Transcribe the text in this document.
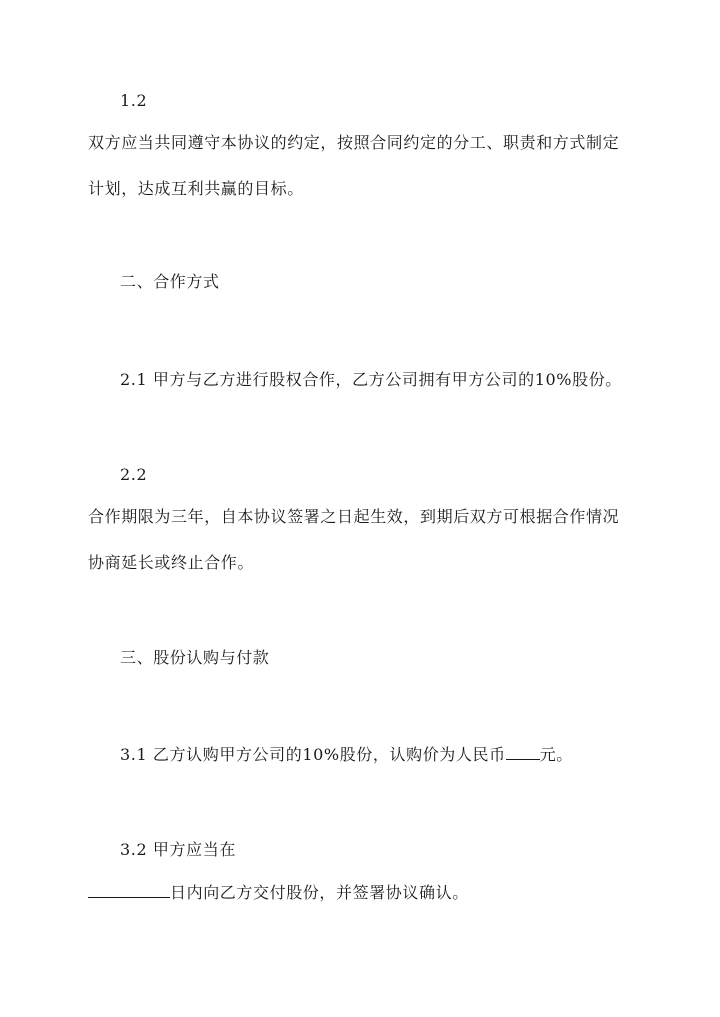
1.2
双方应当共同遵守本协议的约定，按照合同约定的分工、职责和方式制定
计划，达成互利共赢的目标。
二、合作方式
2.1 甲方与乙方进行股权合作，乙方公司拥有甲方公司的10%股份。
2.2
合作期限为三年，自本协议签署之日起生效，到期后双方可根据合作情况
协商延长或终止合作。
三、股份认购与付款
3.1 乙方认购甲方公司的10%股份，认购价为人民币 元。
3.2 甲方应当在
日内向乙方交付股份，并签署协议确认。
